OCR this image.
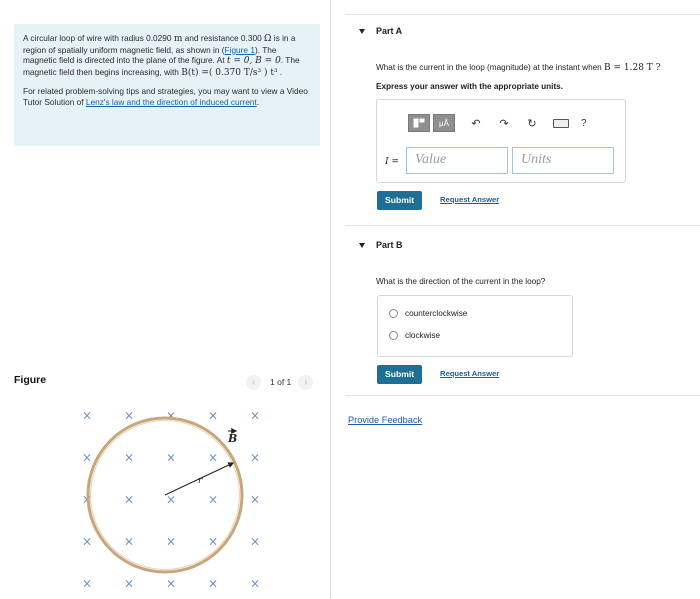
A circular loop of wire with radius 0.0290 m and resistance 0.300 Ω is in a region of spatially uniform magnetic field, as shown in (Figure 1). The magnetic field is directed into the plane of the figure. At t = 0, B = 0. The magnetic field then begins increasing, with B(t) =( 0.370 T/s³ ) t³ .

For related problem-solving tips and strategies, you may want to view a Video Tutor Solution of Lenz's law and the direction of induced current.

Figure	‹	1 of 1	›
×	×	×	×	×
×	×	×	×	×
×	×	×	×	×
×	×	×	×	×
×	×	×	×	×
r
B
Part A
What is the current in the loop (magnitude) at the instant when B = 1.28 T ?
Express your answer with the appropriate units.
μÅ	↶ ↷ ↻	?
I =	Value	Units
Submit	Request Answer
Part B
What is the direction of the current in the loop?
counterclockwise
clockwise
Submit	Request Answer
Provide Feedback
